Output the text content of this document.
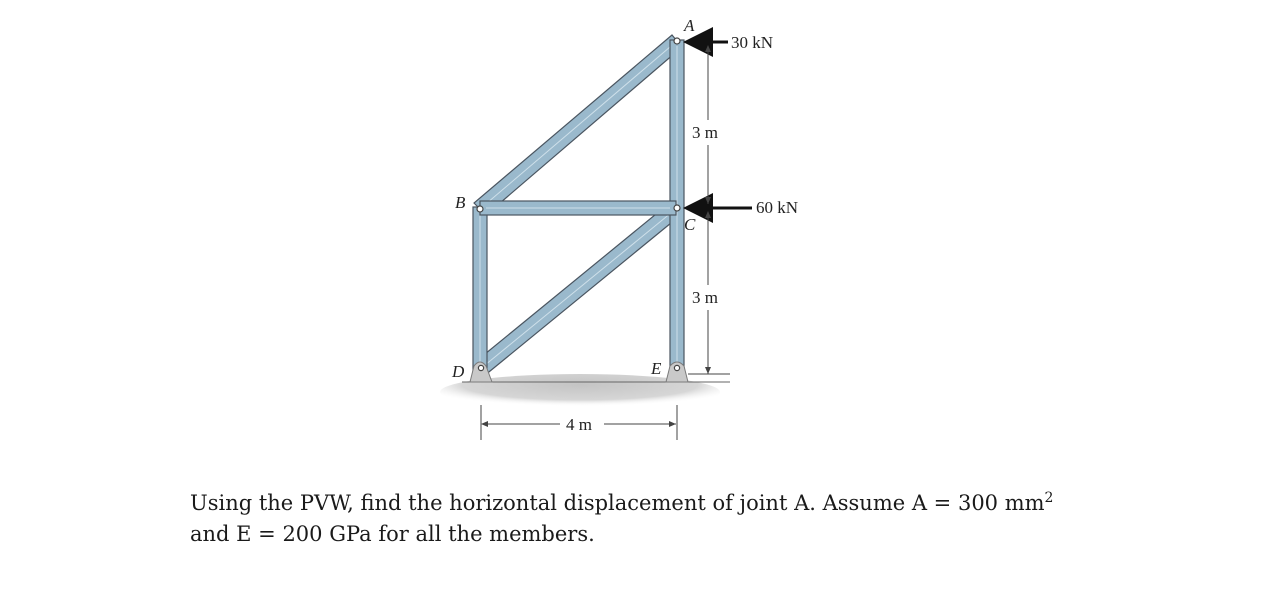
A
B
C
D	E
30 kN
60 kN
3 m
3 m
4 m
Using the PVW, find the horizontal displacement of joint A. Assume A = 300 $mm^2$
and E = 200 GPa for all the members.
